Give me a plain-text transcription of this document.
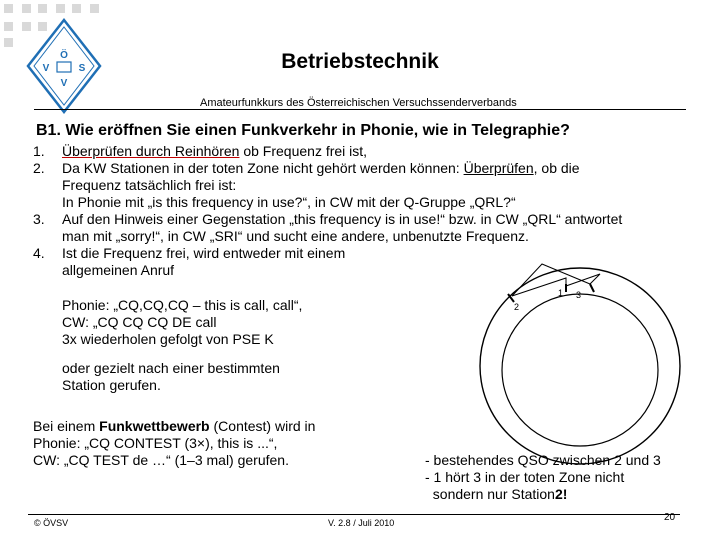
Ö
V	S
V
Betriebstechnik
Amateurfunkkurs des Österreichischen Versuchssenderverbands
B1. Wie eröffnen Sie einen Funkverkehr in Phonie, wie in Telegraphie?
1. Überprüfen durch Reinhören ob Frequenz frei ist,
2. Da KW Stationen in der toten Zone nicht gehört werden können: Überprüfen, ob die
Frequenz tatsächlich frei ist:
In Phonie mit „is this frequency in use?“, in CW mit der Q-Gruppe „QRL?“
3. Auf den Hinweis einer Gegenstation „this frequency is in use!“ bzw. in CW „QRL“ antwortet
man mit „sorry!“, in CW „SRI“ und sucht eine andere, unbenutzte Frequenz.
4. Ist die Frequenz frei, wird entweder mit einem
allgemeinen Anruf
Phonie: „CQ,CQ,CQ – this is call, call“,
CW: „CQ CQ CQ DE call
3x wiederholen gefolgt von PSE K
oder gezielt nach einer bestimmten
Station gerufen.
Bei einem Funkwettbewerb (Contest) wird in
Phonie: „CQ CONTEST (3×), this is ...“,
CW: „CQ TEST de …“ (1–3 mal) gerufen.
2
1 3
- bestehendes QSO zwischen 2 und 3
- 1 hört 3 in der toten Zone nicht
sondern nur Station2!
© ÖVSV	V. 2.8 / Juli 2010	20
